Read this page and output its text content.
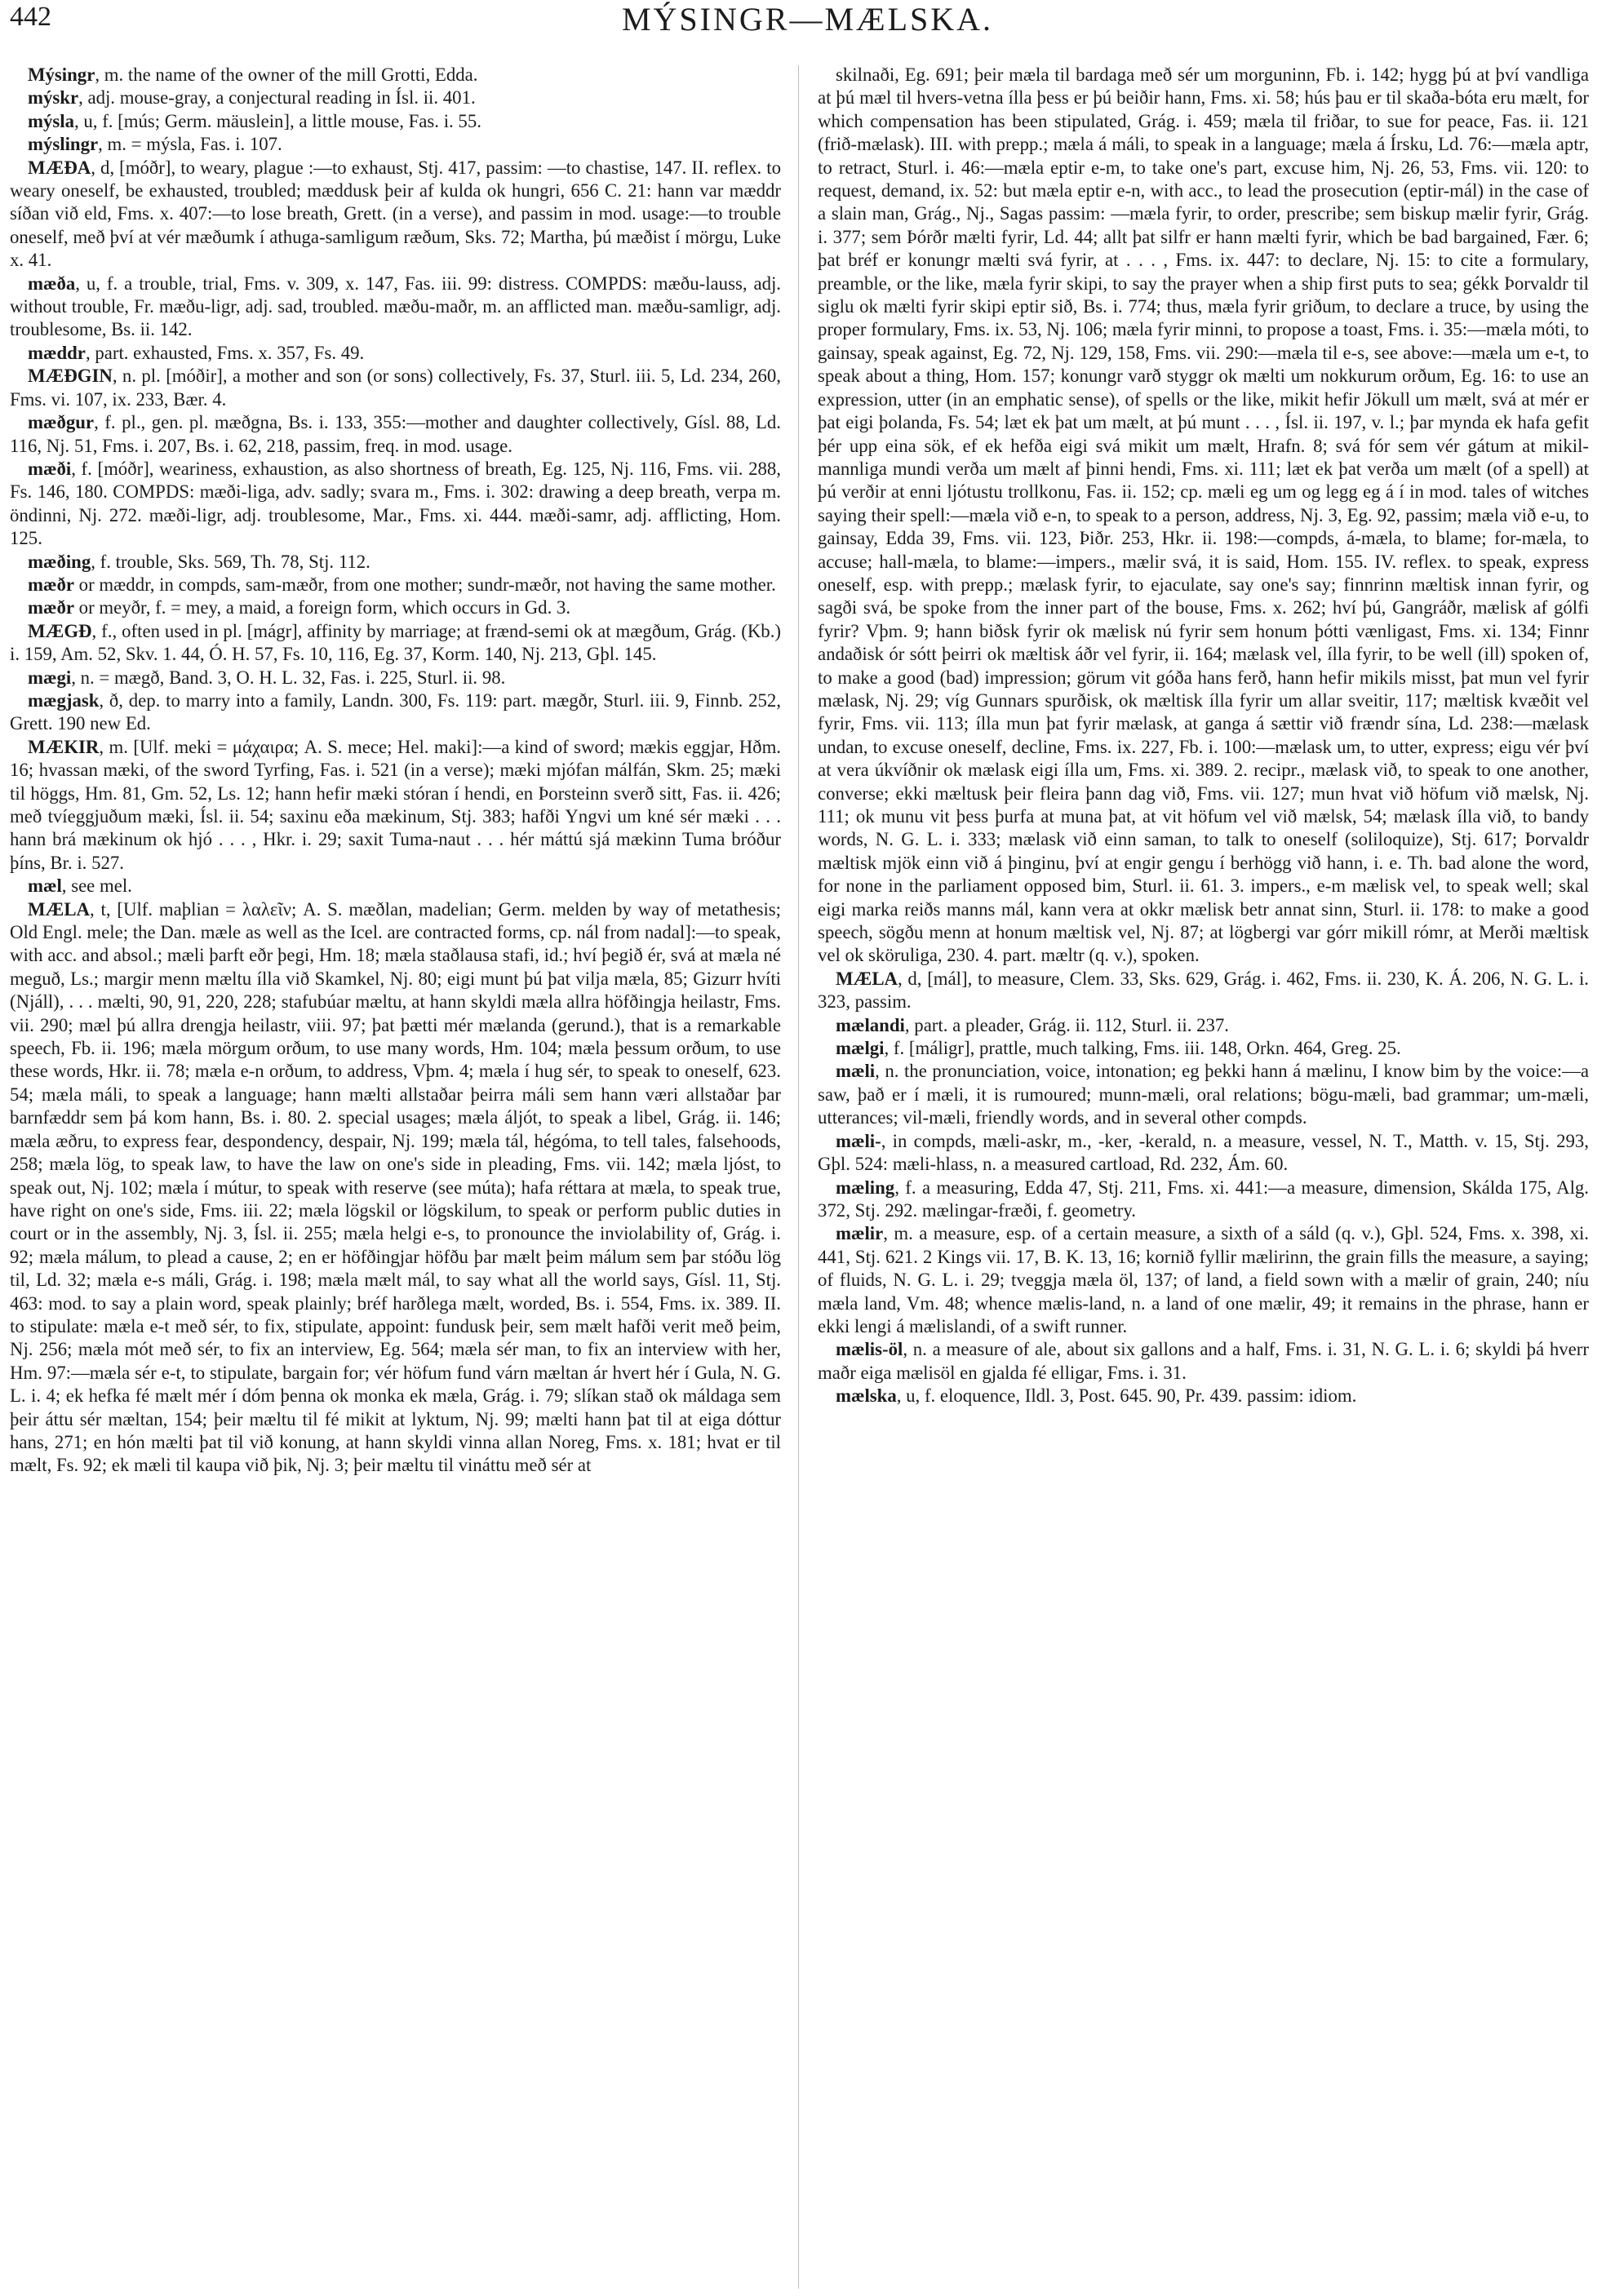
442	MÝSINGR—MÆLSKA.

Mýsingr, m. the name of the owner of the mill Grotti, Edda.

mýskr, adj. mouse-gray, a conjectural reading in Ísl. ii. 401.

mýsla, u, f. [mús; Germ. mäuslein], a little mouse, Fas. i. 55.

mýslingr, m. = mýsla, Fas. i. 107.

MÆÐA, d, [móðr], to weary, plague :—to exhaust, Stj. 417, passim: —to chastise, 147. II. reflex. to weary oneself, be exhausted, troubled; mæddusk þeir af kulda ok hungri, 656 C. 21: hann var mæddr síðan við eld, Fms. x. 407:—to lose breath, Grett. (in a verse), and passim in mod. usage:—to trouble oneself, með því at vér mæðumk í athuga-samligum ræðum, Sks. 72; Martha, þú mæðist í mörgu, Luke x. 41.

mæða, u, f. a trouble, trial, Fms. v. 309, x. 147, Fas. iii. 99: distress. COMPDS: mæðu-lauss, adj. without trouble, Fr. mæðu-ligr, adj. sad, troubled. mæðu-maðr, m. an afflicted man. mæðu-samligr, adj. troublesome, Bs. ii. 142.

mæddr, part. exhausted, Fms. x. 357, Fs. 49.

MÆÐGIN, n. pl. [móðir], a mother and son (or sons) collectively, Fs. 37, Sturl. iii. 5, Ld. 234, 260, Fms. vi. 107, ix. 233, Bær. 4.

mæðgur, f. pl., gen. pl. mæðgna, Bs. i. 133, 355:—mother and daughter collectively, Gísl. 88, Ld. 116, Nj. 51, Fms. i. 207, Bs. i. 62, 218, passim, freq. in mod. usage.

mæði, f. [móðr], weariness, exhaustion, as also shortness of breath, Eg. 125, Nj. 116, Fms. vii. 288, Fs. 146, 180. COMPDS: mæði-liga, adv. sadly; svara m., Fms. i. 302: drawing a deep breath, verpa m. öndinni, Nj. 272. mæði-ligr, adj. troublesome, Mar., Fms. xi. 444. mæði-samr, adj. afflicting, Hom. 125.

mæðing, f. trouble, Sks. 569, Th. 78, Stj. 112.

mæðr or mæddr, in compds, sam-mæðr, from one mother; sundr-mæðr, not having the same mother.

mæðr or meyðr, f. = mey, a maid, a foreign form, which occurs in Gd. 3.

MÆGÐ, f., often used in pl. [mágr], affinity by marriage; at frænd-semi ok at mægðum, Grág. (Kb.) i. 159, Am. 52, Skv. 1. 44, Ó. H. 57, Fs. 10, 116, Eg. 37, Korm. 140, Nj. 213, Gþl. 145.

mægi, n. = mægð, Band. 3, O. H. L. 32, Fas. i. 225, Sturl. ii. 98.

mægjask, ð, dep. to marry into a family, Landn. 300, Fs. 119: part. mægðr, Sturl. iii. 9, Finnb. 252, Grett. 190 new Ed.

MÆKIR, m. [Ulf. meki = μάχαιρα; A. S. mece; Hel. maki]:—a kind of sword; mækis eggjar, Hðm. 16; hvassan mæki, of the sword Tyrfing, Fas. i. 521 (in a verse); mæki mjófan málfán, Skm. 25; mæki til höggs, Hm. 81, Gm. 52, Ls. 12; hann hefir mæki stóran í hendi, en Þorsteinn sverð sitt, Fas. ii. 426; með tvíeggjuðum mæki, Ísl. ii. 54; saxinu eða mækinum, Stj. 383; hafði Yngvi um kné sér mæki . . . hann brá mækinum ok hjó . . . , Hkr. i. 29; saxit Tuma-naut . . . hér máttú sjá mækinn Tuma bróður þíns, Br. i. 527.

mæl, see mel.

MÆLA, t, [Ulf. maþlian = λαλεῖν; A. S. mæðlan, madelian; Germ. melden by way of metathesis; Old Engl. mele; the Dan. mæle as well as the Icel. are contracted forms, cp. nál from nadal]:—to speak, with acc. and absol.; mæli þarft eðr þegi, Hm. 18; mæla staðlausa stafi, id.; hví þegið ér, svá at mæla né meguð, Ls.; margir menn mæltu ílla við Skamkel, Nj. 80; eigi munt þú þat vilja mæla, 85; Gizurr hvíti (Njáll), . . . mælti, 90, 91, 220, 228; stafubúar mæltu, at hann skyldi mæla allra höfðingja heilastr, Fms. vii. 290; mæl þú allra drengja heilastr, viii. 97; þat þætti mér mælanda (gerund.), that is a remarkable speech, Fb. ii. 196; mæla mörgum orðum, to use many words, Hm. 104; mæla þessum orðum, to use these words, Hkr. ii. 78; mæla e-n orðum, to address, Vþm. 4; mæla í hug sér, to speak to oneself, 623. 54; mæla máli, to speak a language; hann mælti allstaðar þeirra máli sem hann væri allstaðar þar barnfæddr sem þá kom hann, Bs. i. 80. 2. special usages; mæla áljót, to speak a libel, Grág. ii. 146; mæla æðru, to express fear, despondency, despair, Nj. 199; mæla tál, hégóma, to tell tales, falsehoods, 258; mæla lög, to speak law, to have the law on one's side in pleading, Fms. vii. 142; mæla ljóst, to speak out, Nj. 102; mæla í mútur, to speak with reserve (see múta); hafa réttara at mæla, to speak true, have right on one's side, Fms. iii. 22; mæla lögskil or lögskilum, to speak or perform public duties in court or in the assembly, Nj. 3, Ísl. ii. 255; mæla helgi e-s, to pronounce the inviolability of, Grág. i. 92; mæla málum, to plead a cause, 2; en er höfðingjar höfðu þar mælt þeim málum sem þar stóðu lög til, Ld. 32; mæla e-s máli, Grág. i. 198; mæla mælt mál, to say what all the world says, Gísl. 11, Stj. 463: mod. to say a plain word, speak plainly; bréf harðlega mælt, worded, Bs. i. 554, Fms. ix. 389. II. to stipulate: mæla e-t með sér, to fix, stipulate, appoint: fundusk þeir, sem mælt hafði verit með þeim, Nj. 256; mæla mót með sér, to fix an interview, Eg. 564; mæla sér man, to fix an interview with her, Hm. 97:—mæla sér e-t, to stipulate, bargain for; vér höfum fund várn mæltan ár hvert hér í Gula, N. G. L. i. 4; ek hefka fé mælt mér í dóm þenna ok monka ek mæla, Grág. i. 79; slíkan stað ok máldaga sem þeir áttu sér mæltan, 154; þeir mæltu til fé mikit at lyktum, Nj. 99; mælti hann þat til at eiga dóttur hans, 271; en hón mælti þat til við konung, at hann skyldi vinna allan Noreg, Fms. x. 181; hvat er til mælt, Fs. 92; ek mæli til kaupa við þik, Nj. 3; þeir mæltu til vináttu með sér at

skilnaði, Eg. 691; þeir mæla til bardaga með sér um morguninn, Fb. i. 142; hygg þú at því vandliga at þú mæl til hvers-vetna ílla þess er þú beiðir hann, Fms. xi. 58; hús þau er til skaða-bóta eru mælt, for which compensation has been stipulated, Grág. i. 459; mæla til friðar, to sue for peace, Fas. ii. 121 (frið-mælask). III. with prepp.; mæla á máli, to speak in a language; mæla á Írsku, Ld. 76:—mæla aptr, to retract, Sturl. i. 46:—mæla eptir e-m, to take one's part, excuse him, Nj. 26, 53, Fms. vii. 120: to request, demand, ix. 52: but mæla eptir e-n, with acc., to lead the prosecution (eptir-mál) in the case of a slain man, Grág., Nj., Sagas passim: —mæla fyrir, to order, prescribe; sem biskup mælir fyrir, Grág. i. 377; sem Þórðr mælti fyrir, Ld. 44; allt þat silfr er hann mælti fyrir, which be bad bargained, Fær. 6; þat bréf er konungr mælti svá fyrir, at . . . , Fms. ix. 447: to declare, Nj. 15: to cite a formulary, preamble, or the like, mæla fyrir skipi, to say the prayer when a ship first puts to sea; gékk Þorvaldr til siglu ok mælti fyrir skipi eptir sið, Bs. i. 774; thus, mæla fyrir griðum, to declare a truce, by using the proper formulary, Fms. ix. 53, Nj. 106; mæla fyrir minni, to propose a toast, Fms. i. 35:—mæla móti, to gainsay, speak against, Eg. 72, Nj. 129, 158, Fms. vii. 290:—mæla til e-s, see above:—mæla um e-t, to speak about a thing, Hom. 157; konungr varð styggr ok mælti um nokkurum orðum, Eg. 16: to use an expression, utter (in an emphatic sense), of spells or the like, mikit hefir Jökull um mælt, svá at mér er þat eigi þolanda, Fs. 54; læt ek þat um mælt, at þú munt . . . , Ísl. ii. 197, v. l.; þar mynda ek hafa gefit þér upp eina sök, ef ek hefða eigi svá mikit um mælt, Hrafn. 8; svá fór sem vér gátum at mikil-mannliga mundi verða um mælt af þinni hendi, Fms. xi. 111; læt ek þat verða um mælt (of a spell) at þú verðir at enni ljótustu trollkonu, Fas. ii. 152; cp. mæli eg um og legg eg á í in mod. tales of witches saying their spell:—mæla við e-n, to speak to a person, address, Nj. 3, Eg. 92, passim; mæla við e-u, to gainsay, Edda 39, Fms. vii. 123, Þiðr. 253, Hkr. ii. 198:—compds, á-mæla, to blame; for-mæla, to accuse; hall-mæla, to blame:—impers., mælir svá, it is said, Hom. 155. IV. reflex. to speak, express oneself, esp. with prepp.; mælask fyrir, to ejaculate, say one's say; finnrinn mæltisk innan fyrir, og sagði svá, be spoke from the inner part of the bouse, Fms. x. 262; hví þú, Gangráðr, mælisk af gólfi fyrir? Vþm. 9; hann biðsk fyrir ok mælisk nú fyrir sem honum þótti vænligast, Fms. xi. 134; Finnr andaðisk ór sótt þeirri ok mæltisk áðr vel fyrir, ii. 164; mælask vel, ílla fyrir, to be well (ill) spoken of, to make a good (bad) impression; görum vit góða hans ferð, hann hefir mikils misst, þat mun vel fyrir mælask, Nj. 29; víg Gunnars spurðisk, ok mæltisk ílla fyrir um allar sveitir, 117; mæltisk kvæðit vel fyrir, Fms. vii. 113; ílla mun þat fyrir mælask, at ganga á sættir við frændr sína, Ld. 238:—mælask undan, to excuse oneself, decline, Fms. ix. 227, Fb. i. 100:—mælask um, to utter, express; eigu vér því at vera úkvíðnir ok mælask eigi ílla um, Fms. xi. 389. 2. recipr., mælask við, to speak to one another, converse; ekki mæltusk þeir fleira þann dag við, Fms. vii. 127; mun hvat við höfum við mælsk, Nj. 111; ok munu vit þess þurfa at muna þat, at vit höfum vel við mælsk, 54; mælask ílla við, to bandy words, N. G. L. i. 333; mælask við einn saman, to talk to oneself (soliloquize), Stj. 617; Þorvaldr mæltisk mjök einn við á þinginu, því at engir gengu í berhögg við hann, i. e. Th. bad alone the word, for none in the parliament opposed bim, Sturl. ii. 61. 3. impers., e-m mælisk vel, to speak well; skal eigi marka reiðs manns mál, kann vera at okkr mælisk betr annat sinn, Sturl. ii. 178: to make a good speech, sögðu menn at honum mæltisk vel, Nj. 87; at lögbergi var górr mikill rómr, at Merði mæltisk vel ok sköruliga, 230. 4. part. mæltr (q. v.), spoken.

MÆLA, d, [mál], to measure, Clem. 33, Sks. 629, Grág. i. 462, Fms. ii. 230, K. Á. 206, N. G. L. i. 323, passim.

mælandi, part. a pleader, Grág. ii. 112, Sturl. ii. 237.

mælgi, f. [máligr], prattle, much talking, Fms. iii. 148, Orkn. 464, Greg. 25.

mæli, n. the pronunciation, voice, intonation; eg þekki hann á mælinu, I know bim by the voice:—a saw, það er í mæli, it is rumoured; munn-mæli, oral relations; bögu-mæli, bad grammar; um-mæli, utterances; vil-mæli, friendly words, and in several other compds.

mæli-, in compds, mæli-askr, m., -ker, -kerald, n. a measure, vessel, N. T., Matth. v. 15, Stj. 293, Gþl. 524: mæli-hlass, n. a measured cartload, Rd. 232, Ám. 60.

mæling, f. a measuring, Edda 47, Stj. 211, Fms. xi. 441:—a measure, dimension, Skálda 175, Alg. 372, Stj. 292. mælingar-fræði, f. geometry.

mælir, m. a measure, esp. of a certain measure, a sixth of a sáld (q. v.), Gþl. 524, Fms. x. 398, xi. 441, Stj. 621. 2 Kings vii. 17, B. K. 13, 16; kornið fyllir mælirinn, the grain fills the measure, a saying; of fluids, N. G. L. i. 29; tveggja mæla öl, 137; of land, a field sown with a mælir of grain, 240; níu mæla land, Vm. 48; whence mælis-land, n. a land of one mælir, 49; it remains in the phrase, hann er ekki lengi á mælislandi, of a swift runner.

mælis-öl, n. a measure of ale, about six gallons and a half, Fms. i. 31, N. G. L. i. 6; skyldi þá hverr maðr eiga mælisöl en gjalda fé elligar, Fms. i. 31.

mælska, u, f. eloquence, Ildl. 3, Post. 645. 90, Pr. 439. passim: idiom.
